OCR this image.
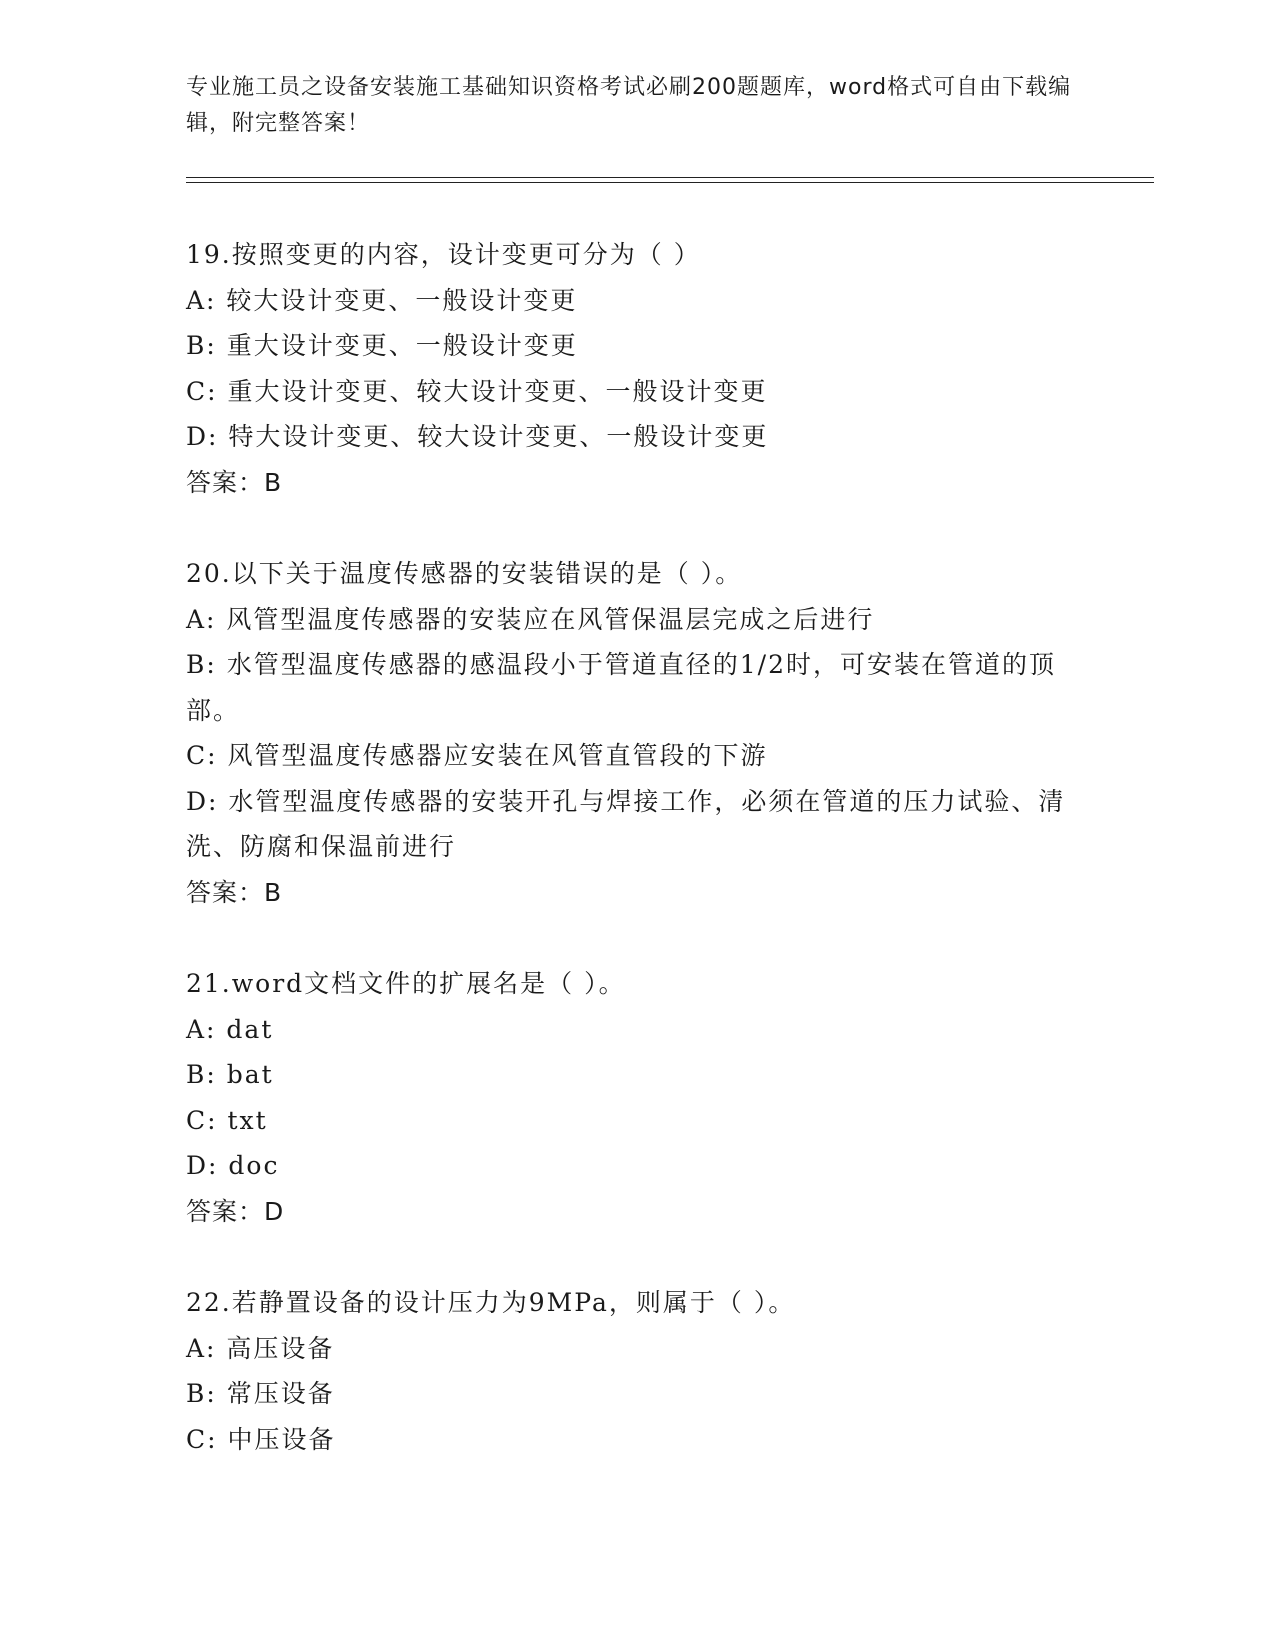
专业施工员之设备安装施工基础知识资格考试必刷200题题库，word格式可自由下载编辑，附完整答案！
19.按照变更的内容，设计变更可分为（ ）
A: 较大设计变更、一般设计变更
B: 重大设计变更、一般设计变更
C: 重大设计变更、较大设计变更、一般设计变更
D: 特大设计变更、较大设计变更、一般设计变更
答案：B
20.以下关于温度传感器的安装错误的是（ ）。
A: 风管型温度传感器的安装应在风管保温层完成之后进行
B: 水管型温度传感器的感温段小于管道直径的1/2时，可安装在管道的顶部。
C: 风管型温度传感器应安装在风管直管段的下游
D: 水管型温度传感器的安装开孔与焊接工作，必须在管道的压力试验、清洗、防腐和保温前进行
答案：B
21.word文档文件的扩展名是（ ）。
A: dat
B: bat
C: txt
D: doc
答案：D
22.若静置设备的设计压力为9MPa，则属于（ ）。
A: 高压设备
B: 常压设备
C: 中压设备
